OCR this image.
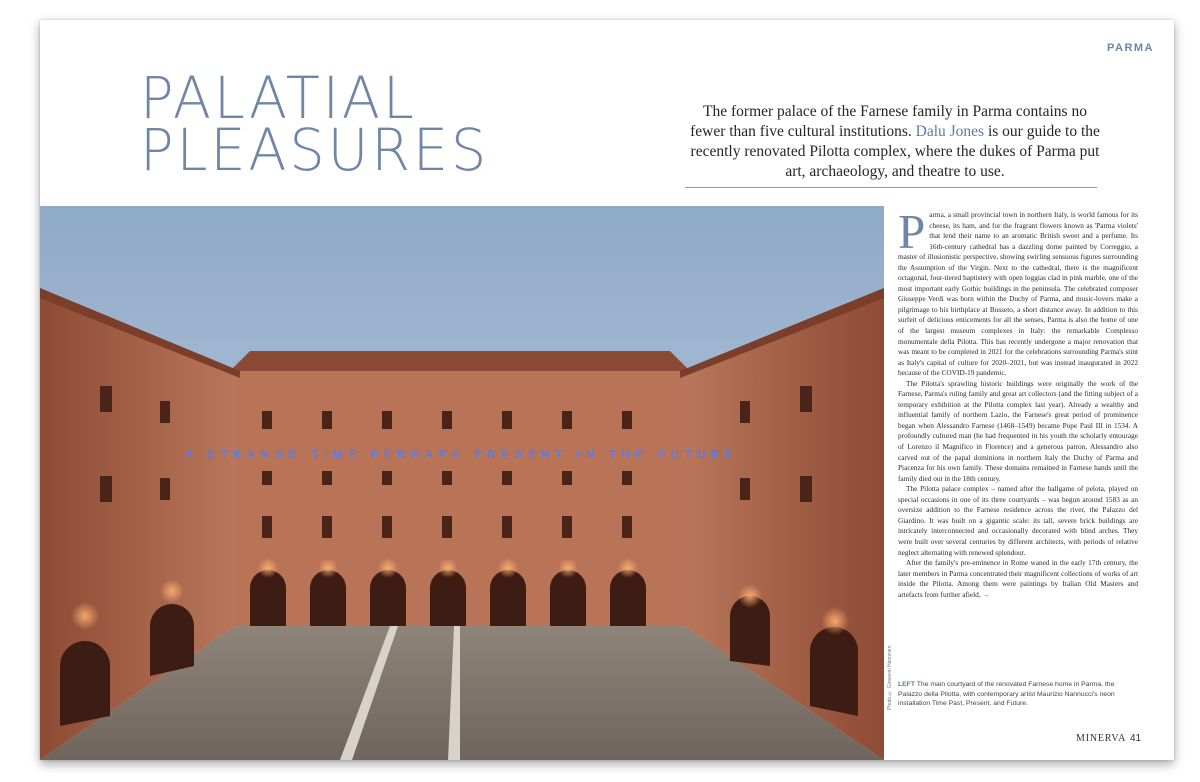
PARMA
PALATIAL
PLEASURES
The former palace of the Farnese family in Parma contains no fewer than five cultural institutions. Dalu Jones is our guide to the recently renovated Pilotta complex, where the dukes of Parma put art, archaeology, and theatre to use.
A STRANGE TIME PERHAPS PRESENT IN THE FUTURE
Photo © Giovanni Hanninen

Parma, a small provincial town in northern Italy, is world famous for its cheese, its ham, and for the fragrant flowers known as 'Parma violets' that lend their name to an aromatic British sweet and a perfume. Its 16th-century cathedral has a dazzling dome painted by Correggio, a master of illusionistic perspective, showing swirling sensuous figures surrounding the Assumption of the Virgin. Next to the cathedral, there is the magnificent octagonal, four-tiered baptistery with open loggias clad in pink marble, one of the most important early Gothic buildings in the peninsula. The celebrated composer Giuseppe Verdi was born within the Duchy of Parma, and music-lovers make a pilgrimage to his birthplace at Busseto, a short distance away. In addition to this surfeit of delicious enticements for all the senses, Parma is also the home of one of the largest museum complexes in Italy: the remarkable Complesso monumentale della Pilotta. This has recently undergone a major renovation that was meant to be completed in 2021 for the celebrations surrounding Parma's stint as Italy's capital of culture for 2020–2021, but was instead inaugurated in 2022 because of the COVID-19 pandemic.

The Pilotta's sprawling historic buildings were originally the work of the Farnese, Parma's ruling family and great art collectors (and the fitting subject of a temporary exhibition at the Pilotta complex last year). Already a wealthy and influential family of northern Lazio, the Farnese's great period of prominence began when Alessandro Farnese (1468–1549) became Pope Paul III in 1534. A profoundly cultured man (he had frequented in his youth the scholarly entourage of Lorenzo il Magnifico in Florence) and a generous patron, Alessandro also carved out of the papal dominions in northern Italy the Duchy of Parma and Piacenza for his own family. These domains remained in Farnese hands until the family died out in the 18th century.

The Pilotta palace complex – named after the ballgame of pelota, played on special occasions in one of its three courtyards – was begun around 1583 as an oversize addition to the Farnese residence across the river, the Palazzo del Giardino. It was built on a gigantic scale: its tall, severe brick buildings are intricately interconnected and occasionally decorated with blind arches. They were built over several centuries by different architects, with periods of relative neglect alternating with renewed splendour.

After the family's pre-eminence in Rome waned in the early 17th century, the later members in Parma concentrated their magnificent collections of works of art inside the Pilotta. Among them were paintings by Italian Old Masters and artefacts from further afield, →

LEFT The main courtyard of the renovated Farnese home in Parma, the Palazzo della Pilotta, with contemporary artist Maurizio Nannucci's neon installation Time Past, Present, and Future.
MINERVA 41
